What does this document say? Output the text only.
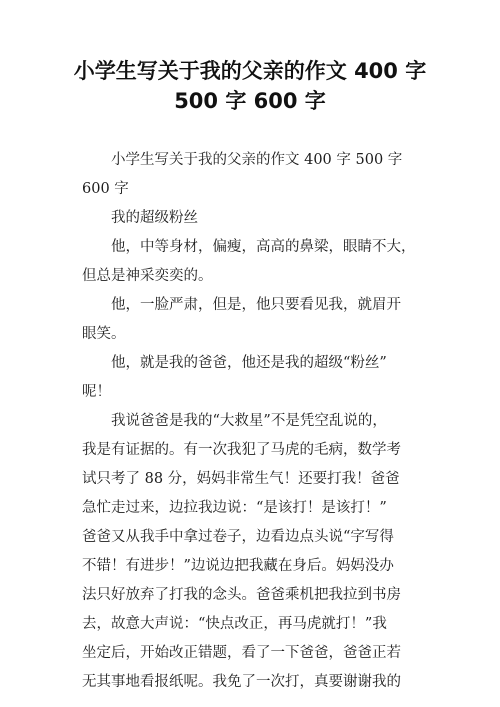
小学生写关于我的父亲的作文 400 字
500 字 600 字

小学生写关于我的父亲的作文 400 字 500 字
600 字

我的超级粉丝

他，中等身材，偏瘦，高高的鼻梁，眼睛不大，
但总是神采奕奕的。

他，一脸严肃，但是，他只要看见我，就眉开
眼笑。

他，就是我的爸爸，他还是我的超级“粉丝”
呢！

我说爸爸是我的“大救星”不是凭空乱说的，
我是有证据的。有一次我犯了马虎的毛病，数学考
试只考了 88 分，妈妈非常生气！还要打我！爸爸
急忙走过来，边拉我边说：“是该打！是该打！”
爸爸又从我手中拿过卷子，边看边点头说“字写得
不错！有进步！”边说边把我藏在身后。妈妈没办
法只好放弃了打我的念头。爸爸乘机把我拉到书房
去，故意大声说：“快点改正，再马虎就打！”我
坐定后，开始改正错题，看了一下爸爸，爸爸正若
无其事地看报纸呢。我免了一次打，真要谢谢我的
